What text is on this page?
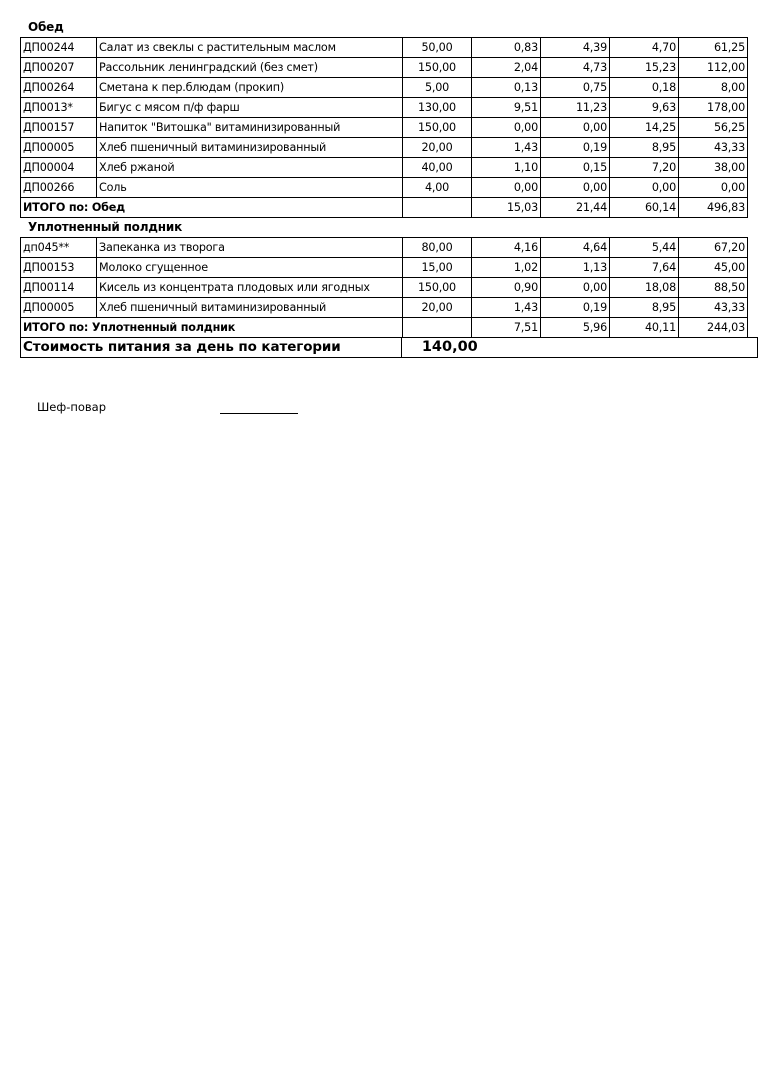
Обед
ДП00244	Салат из свеклы с растительным маслом	50,00	0,83	4,39	4,70	61,25
ДП00207	Рассольник ленинградский (без смет)	150,00	2,04	4,73	15,23	112,00
ДП00264	Сметана к пер.блюдам (прокип)	5,00	0,13	0,75	0,18	8,00
ДП0013*	Бигус с мясом п/ф фарш	130,00	9,51	11,23	9,63	178,00
ДП00157	Напиток "Витошка" витаминизированный	150,00	0,00	0,00	14,25	56,25
ДП00005	Хлеб пшеничный витаминизированный	20,00	1,43	0,19	8,95	43,33
ДП00004	Хлеб ржаной	40,00	1,10	0,15	7,20	38,00
ДП00266	Соль	4,00	0,00	0,00	0,00	0,00
ИТОГО по: Обед			15,03	21,44	60,14	496,83
Уплотненный полдник
дп045**	Запеканка из творога	80,00	4,16	4,64	5,44	67,20
ДП00153	Молоко сгущенное	15,00	1,02	1,13	7,64	45,00
ДП00114	Кисель из концентрата плодовых или ягодных	150,00	0,90	0,00	18,08	88,50
ДП00005	Хлеб пшеничный витаминизированный	20,00	1,43	0,19	8,95	43,33
ИТОГО по: Уплотненный полдник			7,51	5,96	40,11	244,03
Стоимость питания за день по категории	140,00
Шеф-повар
